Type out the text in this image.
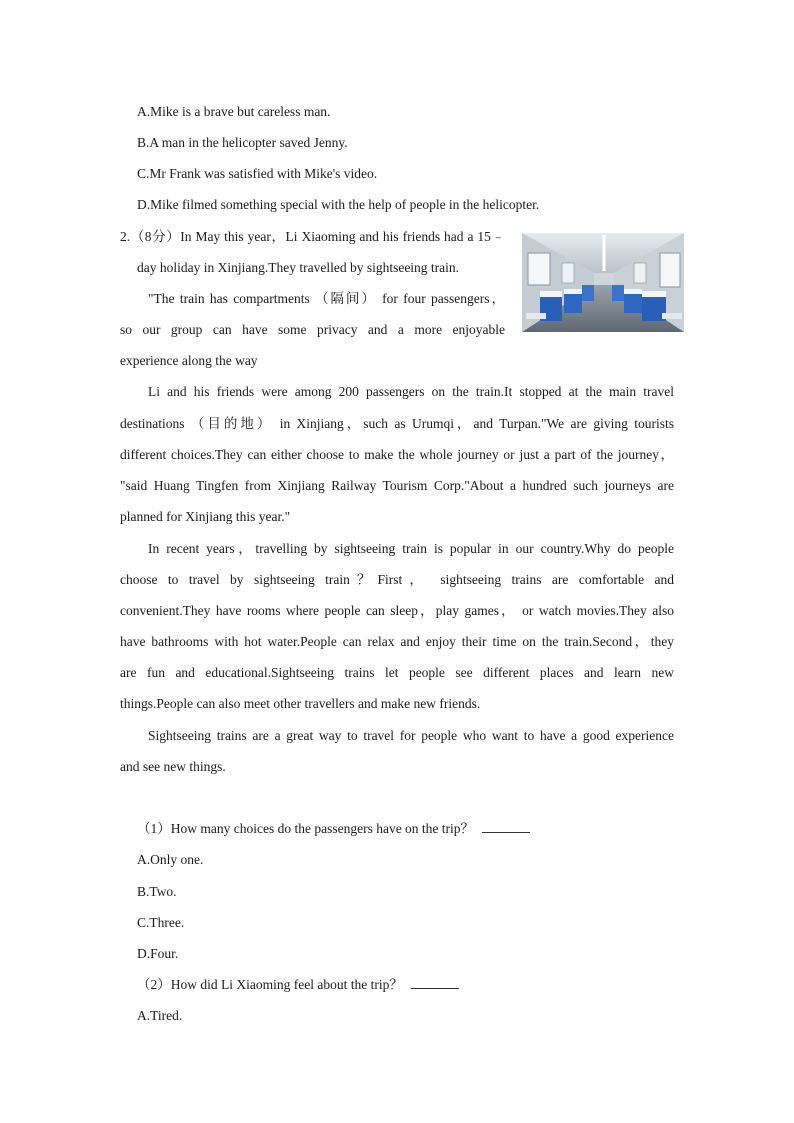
A.Mike is a brave but careless man.
B.A man in the helicopter saved Jenny.
C.Mr Frank was satisfied with Mike's video.
D.Mike filmed something special with the help of people in the helicopter.
2.（8分）In May this year，Li Xiaoming and his friends had a 15﹣
day holiday in Xinjiang.They travelled by sightseeing train.
"The train has compartments （隔间） for four passengers，
so our group can have some privacy and a more enjoyable
experience along the way
Li and his friends were among 200 passengers on the train.It stopped at the main travel
destinations （目的地） in Xinjiang，such as Urumqi，and Turpan."We are giving tourists
different choices.They can either choose to make the whole journey or just a part of the journey，
"said Huang Tingfen from Xinjiang Railway Tourism Corp."About a hundred such journeys are
planned for Xinjiang this year."
In recent years，travelling by sightseeing train is popular in our country.Why do people
choose to travel by sightseeing train？First， sightseeing trains are comfortable and
convenient.They have rooms where people can sleep，play games， or watch movies.They also
have bathrooms with hot water.People can relax and enjoy their time on the train.Second，they
are fun and educational.Sightseeing trains let people see different places and learn new
things.People can also meet other travellers and make new friends.
Sightseeing trains are a great way to travel for people who want to have a good experience
and see new things.
（1）How many choices do the passengers have on the trip？
A.Only one.
B.Two.
C.Three.
D.Four.
（2）How did Li Xiaoming feel about the trip？
A.Tired.
